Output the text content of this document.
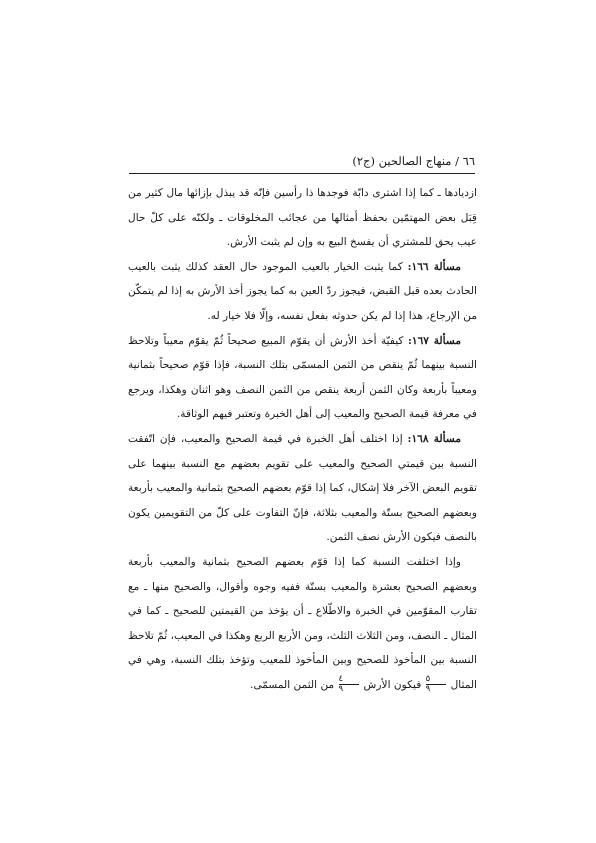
٦٦ / منهاج الصالحين (ج٢)

ازديادها ـ كما إذا اشترى دابّة فوجدها ذا رأسين فإنّه قد يبذل بإزائها مال كثير من قِبَل بعض المهتمّين بحفظ أمثالها من عجائب المخلوقات ـ ولكنّه على كلّ حال عيب يحق للمشتري أن يفسخ البيع به وإن لم يثبت الأرش.

مسألة ١٦٦: كما يثبت الخيار بالعيب الموجود حال العقد كذلك يثبت بالعيب الحادث بعده قبل القبض، فيجوز ردّ العين به كما يجوز أخذ الأرش به إذا لم يتمكّن من الإرجاع، هذا إذا لم يكن حدوثه بفعل نفسه، وإلّا فلا خيار له.

مسألة ١٦٧: كيفيّة أخذ الأرش أن يقوّم المبيع صحيحاً ثُمّ يقوّم معيباً وتلاحظ النسبة بينهما ثُمّ ينقص من الثمن المسمّى بتلك النسبة، فإذا قوّم صحيحاً بثمانية ومعيباً بأربعة وكان الثمن أربعة ينقص من الثمن النصف وهو اثنان وهكذا، ويرجع في معرفة قيمة الصحيح والمعيب إلى أهل الخبرة وتعتبر فيهم الوثاقة.

مسألة ١٦٨: إذا اختلف أهل الخبرة في قيمة الصحيح والمعيب، فإن اتّفقت النسبة بين قيمتي الصحيح والمعيب على تقويم بعضهم مع النسبة بينهما على تقويم البعض الآخر فلا إشكال، كما إذا قوّم بعضهم الصحيح بثمانية والمعيب بأربعة وبعضهم الصحيح بستّة والمعيب بثلاثة، فإنّ التفاوت على كلّ من التقويمين يكون بالنصف فيكون الأرش نصف الثمن.

وإذا اختلفت النسبة كما إذا قوّم بعضهم الصحيح بثمانية والمعيب بأربعة وبعضهم الصحيح بعشرة والمعيب بستّة ففيه وجوه وأقوال، والصحيح منها ـ مع تقارب المقوّمين في الخبرة والاطّلاع ـ أن يؤخذ من القيمتين للصحيح ـ كما في المثال ـ النصف، ومن الثلاث الثلث، ومن الأربع الربع وهكذا في المعيب، ثُمّ تلاحظ النسبة بين المأخوذ للصحيح وبين المأخوذ للمعيب وتؤخذ بتلك النسبة، وهي في المثال
$\frac{٥}{٩}$
فيكون الأرش
$\frac{٤}{٩}$
من الثمن المسمّى.
